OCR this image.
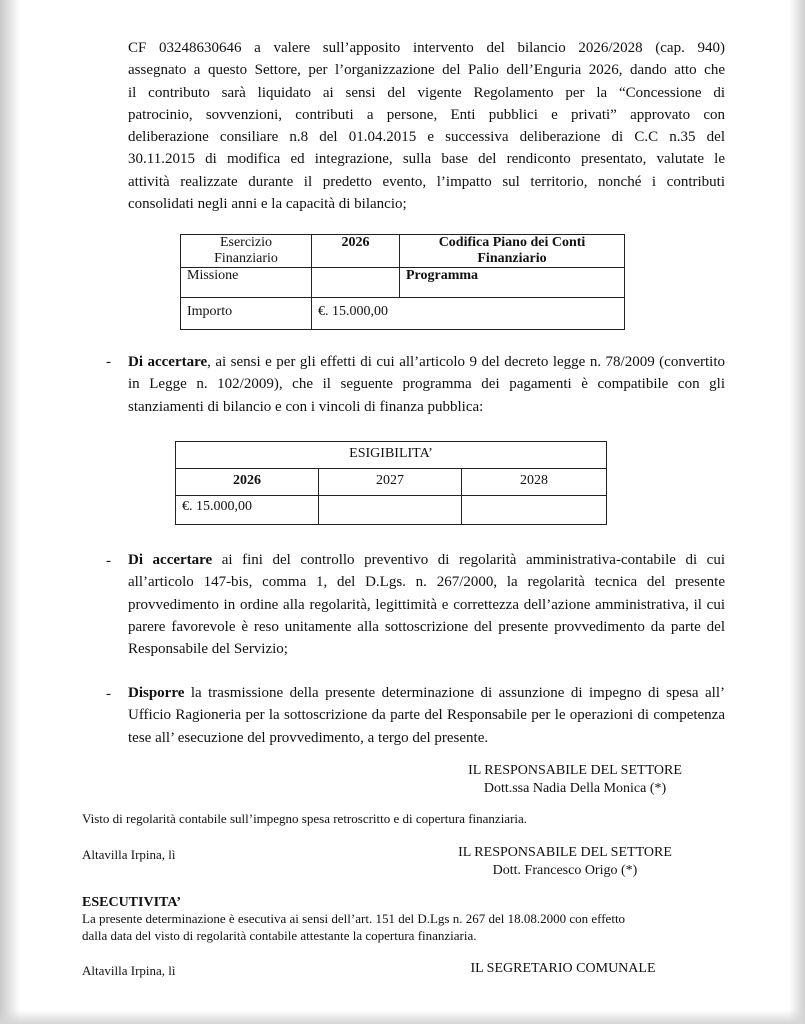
CF 03248630646 a valere sull’apposito intervento del bilancio 2026/2028 (cap. 940)
assegnato a questo Settore, per l’organizzazione del Palio dell’Enguria 2026, dando atto che
il contributo sarà liquidato ai sensi del vigente Regolamento per la “Concessione di
patrocinio, sovvenzioni, contributi a persone, Enti pubblici e privati” approvato con
deliberazione consiliare n.8 del 01.04.2015 e successiva deliberazione di C.C n.35 del
30.11.2015 di modifica ed integrazione, sulla base del rendiconto presentato, valutate le
attività realizzate durante il predetto evento, l’impatto sul territorio, nonché i contributi
consolidati negli anni e la capacità di bilancio;
Esercizio Finanziario	2026	Codifica Piano dei Conti Finanziario
Missione		Programma
Importo	€. 15.000,00	
- Di accertare, ai sensi e per gli effetti di cui all’articolo 9 del decreto legge n. 78/2009 (convertito in Legge n. 102/2009), che il seguente programma dei pagamenti è compatibile con gli stanziamenti di bilancio e con i vincoli di finanza pubblica:
ESIGIBILITA’		
2026	2027	2028
€. 15.000,00		
- Di accertare ai fini del controllo preventivo di regolarità amministrativa-contabile di cui all’articolo 147-bis, comma 1, del D.Lgs. n. 267/2000, la regolarità tecnica del presente provvedimento in ordine alla regolarità, legittimità e correttezza dell’azione amministrativa, il cui parere favorevole è reso unitamente alla sottoscrizione del presente provvedimento da parte del Responsabile del Servizio;
- Disporre la trasmissione della presente determinazione di assunzione di impegno di spesa all’ Ufficio Ragioneria per la sottoscrizione da parte del Responsabile per le operazioni di competenza tese all’ esecuzione del provvedimento, a tergo del presente.
IL RESPONSABILE DEL SETTORE
Dott.ssa Nadia Della Monica (*)
Visto di regolarità contabile sull’impegno spesa retroscritto e di copertura finanziaria.
Altavilla Irpina, lì	IL RESPONSABILE DEL SETTORE
Dott. Francesco Origo (*)
ESECUTIVITA’
La presente determinazione è esecutiva ai sensi dell’art. 151 del D.Lgs n. 267 del 18.08.2000 con effetto
dalla data del visto di regolarità contabile attestante la copertura finanziaria.
Altavilla Irpina, lì	IL SEGRETARIO COMUNALE
